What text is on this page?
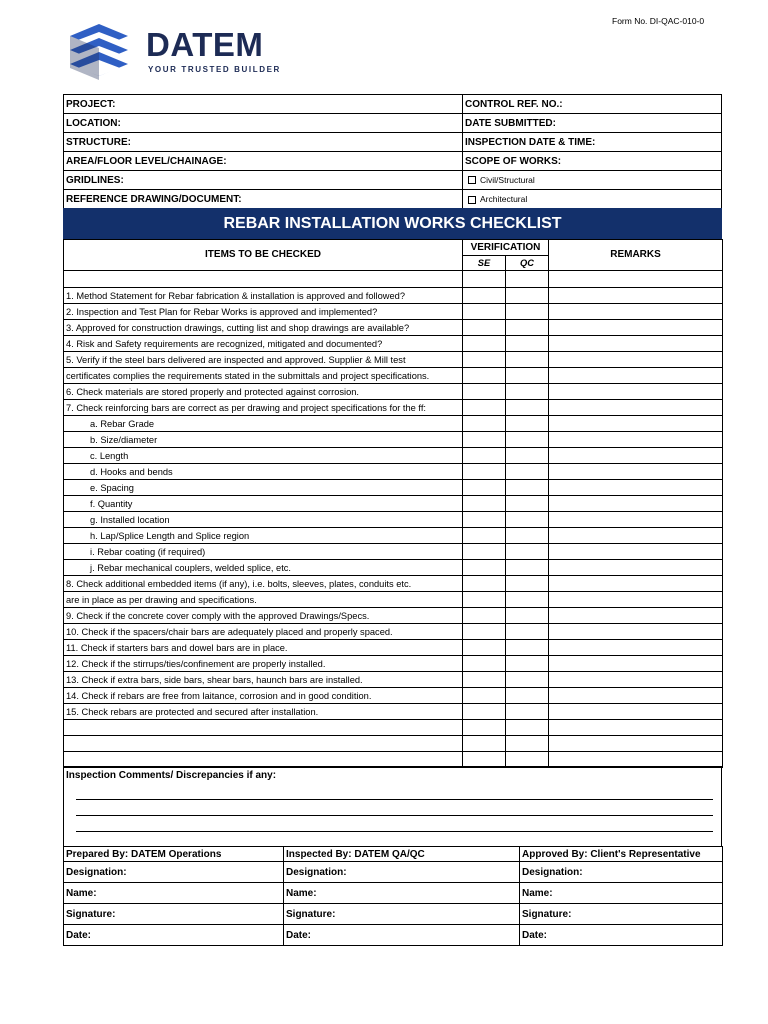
Form No. DI-QAC-010-0
DATEM
YOUR TRUSTED BUILDER
PROJECT:	CONTROL REF. NO.:
LOCATION:	DATE SUBMITTED:
STRUCTURE:	INSPECTION DATE & TIME:
AREA/FLOOR LEVEL/CHAINAGE:	SCOPE OF WORKS:
GRIDLINES:	Civil/Structural
REFERENCE DRAWING/DOCUMENT:	Architectural
REBAR INSTALLATION WORKS CHECKLIST
ITEMS TO BE CHECKED	VERIFICATION		REMARKS
	SE	QC	

1. Method Statement for Rebar fabrication & installation is approved and followed?			
2. Inspection and Test Plan for Rebar Works is approved and implemented?			
3. Approved for construction drawings, cutting list and shop drawings are available?			
4. Risk and Safety requirements are recognized, mitigated and documented?			
5. Verify if the steel bars delivered are inspected and approved. Supplier & Mill test			
certificates complies the requirements stated in the submittals and project specifications.			
6. Check materials are stored properly and protected against corrosion.			
7. Check reinforcing bars are correct as per drawing and project specifications for the ff:			
a. Rebar Grade			
b. Size/diameter			
c. Length			
d. Hooks and bends			
e. Spacing			
f. Quantity			
g. Installed location			
h. Lap/Splice Length and Splice region			
i. Rebar coating (if required)			
j. Rebar mechanical couplers, welded splice, etc.			
8. Check additional embedded items (if any), i.e. bolts, sleeves, plates, conduits etc.			
are in place as per drawing and specifications.			
9. Check if the concrete cover comply with the approved Drawings/Specs.			
10. Check if the spacers/chair bars are adequately placed and properly spaced.			
11. Check if starters bars and dowel bars are in place.			
12. Check if the stirrups/ties/confinement are properly installed.			
13. Check if extra bars, side bars, shear bars, haunch bars are installed.			
14. Check if rebars are free from laitance, corrosion and in good condition.			
15. Check rebars are protected and secured after installation.			

Inspection Comments/ Discrepancies if any:
Prepared By: DATEM Operations	Inspected By: DATEM QA/QC	Approved By: Client's Representative
Designation:	Designation:	Designation:
Name:	Name:	Name:
Signature:	Signature:	Signature:
Date:	Date:	Date:
